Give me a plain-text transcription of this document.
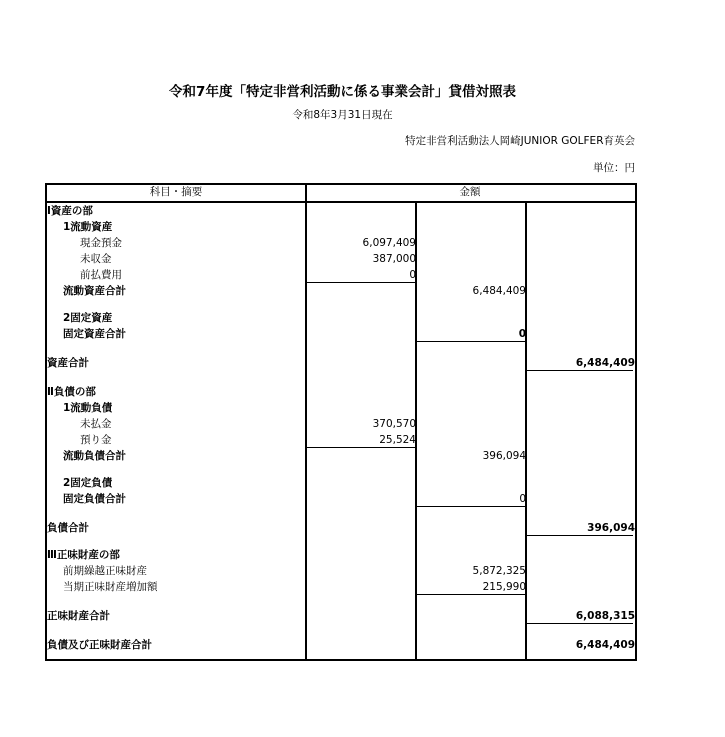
令和7年度「特定非営利活動に係る事業会計」貸借対照表
令和8年3月31日現在
特定非営利活動法人岡崎JUNIOR GOLFER育英会
単位：円
科目・摘要	金額
Ⅰ資産の部
1流動資産
現金預金	6,097,409
未収金	387,000
前払費用	0
流動資産合計	6,484,409
2固定資産
固定資産合計	0
資産合計	6,484,409
Ⅱ負債の部
1流動負債
未払金	370,570
預り金	25,524
流動負債合計	396,094
2固定負債
固定負債合計	0
負債合計	396,094
Ⅲ正味財産の部
前期繰越正味財産	5,872,325
当期正味財産増加額	215,990
正味財産合計	6,088,315
負債及び正味財産合計	6,484,409
